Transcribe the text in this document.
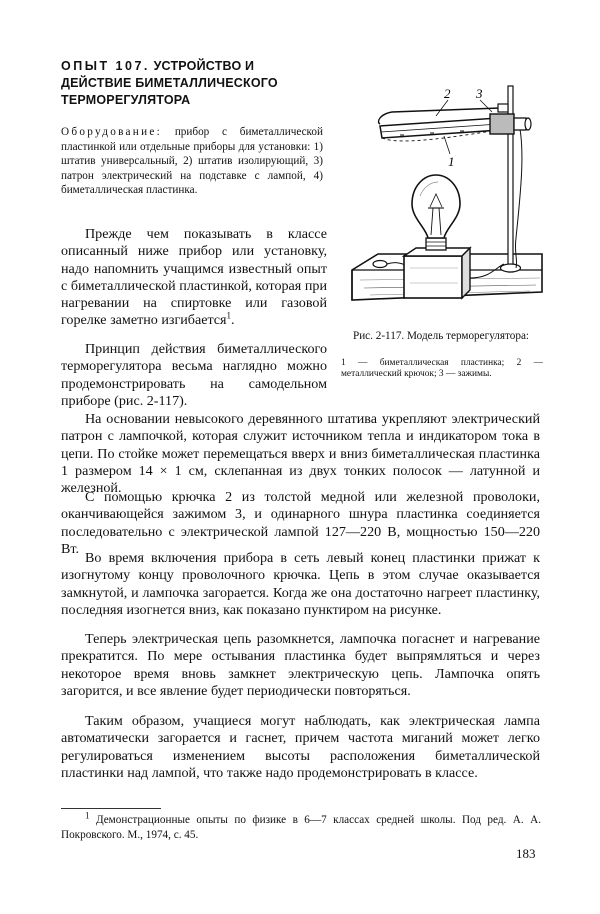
ОПЫТ 107. УСТРОЙСТВО И ДЕЙСТВИЕ БИМЕТАЛЛИЧЕСКОГО ТЕРМОРЕГУЛЯТОРА
Оборудование: прибор с биметаллической пластинкой или отдельные приборы для установки: 1) штатив универсальный, 2) штатив изолирующий, 3) патрон электрический на подставке с лампой, 4) биметаллическая пластинка.

Прежде чем показывать в классе описанный ниже прибор или установку, надо напомнить учащимся известный опыт с биметаллической пластинкой, которая при нагревании на спиртовке или газовой горелке заметно изгибается$^1$.

Принцип действия биметаллического терморегулятора весьма наглядно можно продемонстрировать на самодельном приборе (рис. 2-117).

2 3
1
Рис. 2-117. Модель терморегулятора:
1 — биметаллическая пластинка; 2 — металлический крючок; 3 — зажимы.

На основании невысокого деревянного штатива укрепляют электрический патрон с лампочкой, которая служит источником тепла и индикатором тока в цепи. По стойке может перемещаться вверх и вниз биметаллическая пластинка 1 размером 14 × 1 см, склепанная из двух тонких полосок — латунной и железной.

С помощью крючка 2 из толстой медной или железной проволоки, оканчивающейся зажимом 3, и одинарного шнура пластинка соединяется последовательно с электрической лампой 127—220 В, мощностью 150—220 Вт.

Во время включения прибора в сеть левый конец пластинки прижат к изогнутому концу проволочного крючка. Цепь в этом случае оказывается замкнутой, и лампочка загорается. Когда же она достаточно нагреет пластинку, последняя изогнется вниз, как показано пунктиром на рисунке.

Теперь электрическая цепь разомкнется, лампочка погаснет и нагревание прекратится. По мере остывания пластинка будет выпрямляться и через некоторое время вновь замкнет электрическую цепь. Лампочка опять загорится, и все явление будет периодически повторяться.

Таким образом, учащиеся могут наблюдать, как электрическая лампа автоматически загорается и гаснет, причем частота миганий может легко регулироваться изменением высоты расположения биметаллической пластинки над лампой, что также надо продемонстрировать в классе.

$^1$ Демонстрационные опыты по физике в 6—7 классах средней школы. Под ред. А. А. Покровского. М., 1974, с. 45.
183
